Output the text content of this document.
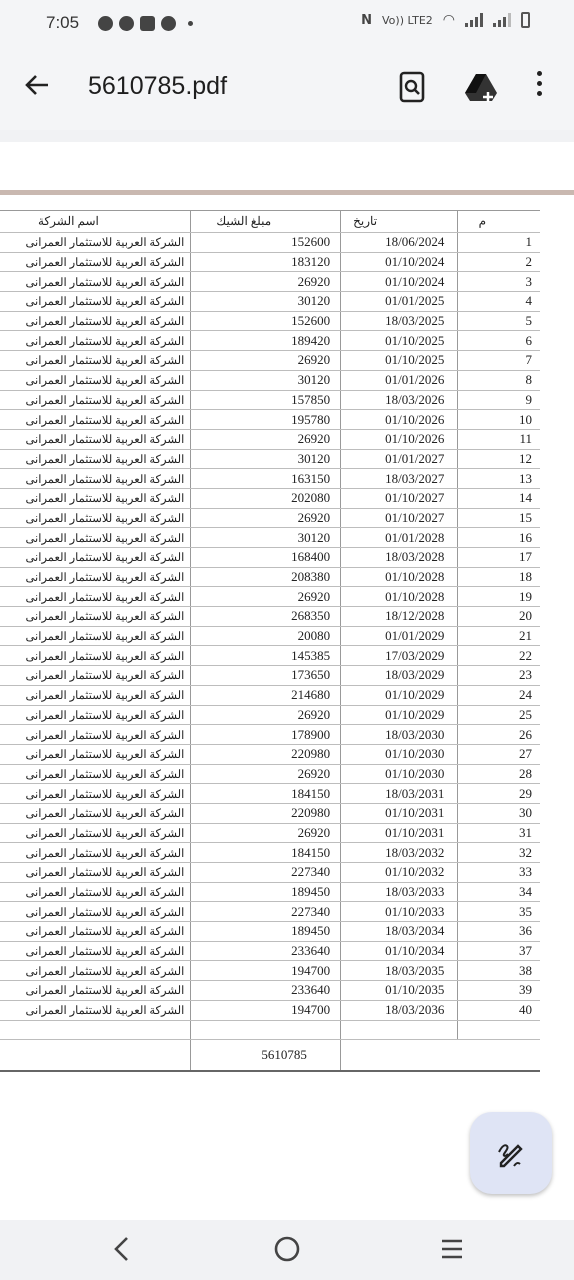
7:05	N Vo)) LTE2 ◠
5610785.pdf
اسم الشركة	مبلغ الشيك	تاريخ	م
الشركة العربية للاستثمار العمرانى	152600	18/06/2024	1
الشركة العربية للاستثمار العمرانى	183120	01/10/2024	2
الشركة العربية للاستثمار العمرانى	26920	01/10/2024	3
الشركة العربية للاستثمار العمرانى	30120	01/01/2025	4
الشركة العربية للاستثمار العمرانى	152600	18/03/2025	5
الشركة العربية للاستثمار العمرانى	189420	01/10/2025	6
الشركة العربية للاستثمار العمرانى	26920	01/10/2025	7
الشركة العربية للاستثمار العمرانى	30120	01/01/2026	8
الشركة العربية للاستثمار العمرانى	157850	18/03/2026	9
الشركة العربية للاستثمار العمرانى	195780	01/10/2026	10
الشركة العربية للاستثمار العمرانى	26920	01/10/2026	11
الشركة العربية للاستثمار العمرانى	30120	01/01/2027	12
الشركة العربية للاستثمار العمرانى	163150	18/03/2027	13
الشركة العربية للاستثمار العمرانى	202080	01/10/2027	14
الشركة العربية للاستثمار العمرانى	26920	01/10/2027	15
الشركة العربية للاستثمار العمرانى	30120	01/01/2028	16
الشركة العربية للاستثمار العمرانى	168400	18/03/2028	17
الشركة العربية للاستثمار العمرانى	208380	01/10/2028	18
الشركة العربية للاستثمار العمرانى	26920	01/10/2028	19
الشركة العربية للاستثمار العمرانى	268350	18/12/2028	20
الشركة العربية للاستثمار العمرانى	20080	01/01/2029	21
الشركة العربية للاستثمار العمرانى	145385	17/03/2029	22
الشركة العربية للاستثمار العمرانى	173650	18/03/2029	23
الشركة العربية للاستثمار العمرانى	214680	01/10/2029	24
الشركة العربية للاستثمار العمرانى	26920	01/10/2029	25
الشركة العربية للاستثمار العمرانى	178900	18/03/2030	26
الشركة العربية للاستثمار العمرانى	220980	01/10/2030	27
الشركة العربية للاستثمار العمرانى	26920	01/10/2030	28
الشركة العربية للاستثمار العمرانى	184150	18/03/2031	29
الشركة العربية للاستثمار العمرانى	220980	01/10/2031	30
الشركة العربية للاستثمار العمرانى	26920	01/10/2031	31
الشركة العربية للاستثمار العمرانى	184150	18/03/2032	32
الشركة العربية للاستثمار العمرانى	227340	01/10/2032	33
الشركة العربية للاستثمار العمرانى	189450	18/03/2033	34
الشركة العربية للاستثمار العمرانى	227340	01/10/2033	35
الشركة العربية للاستثمار العمرانى	189450	18/03/2034	36
الشركة العربية للاستثمار العمرانى	233640	01/10/2034	37
الشركة العربية للاستثمار العمرانى	194700	18/03/2035	38
الشركة العربية للاستثمار العمرانى	233640	01/10/2035	39
الشركة العربية للاستثمار العمرانى	194700	18/03/2036	40

	5610785		
